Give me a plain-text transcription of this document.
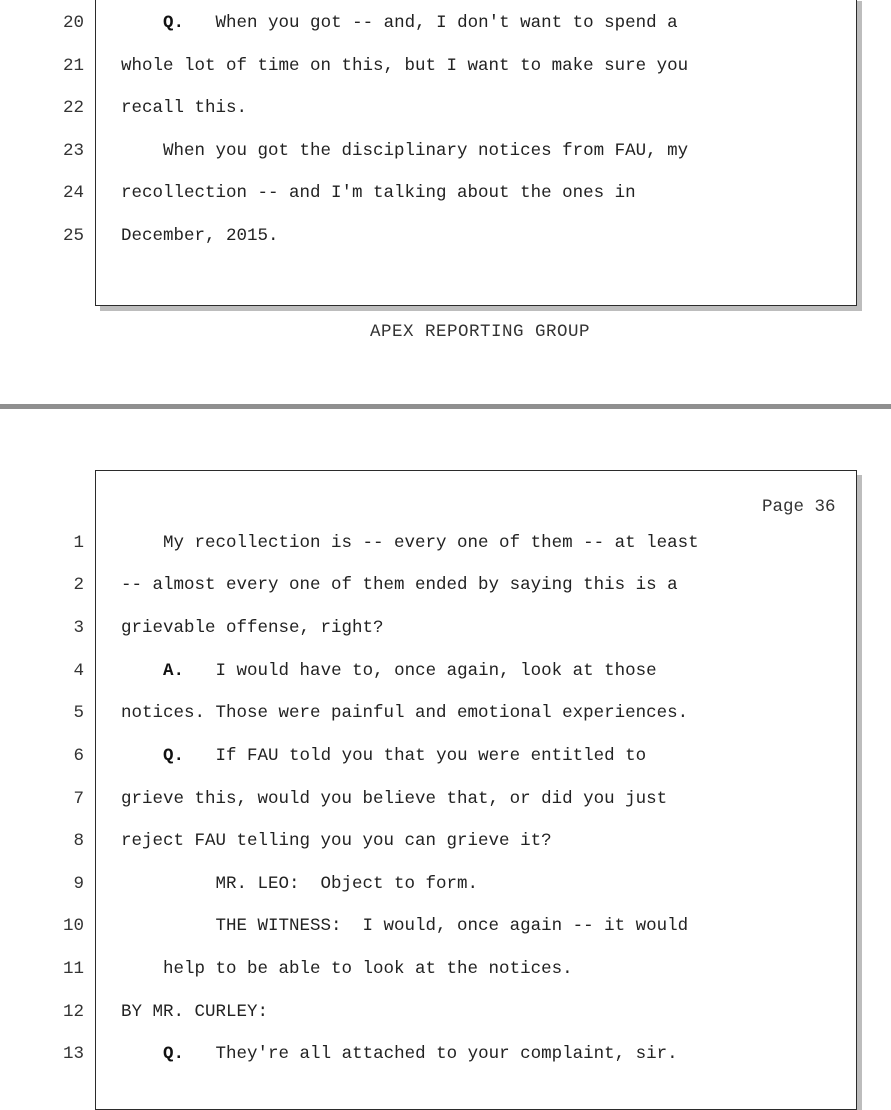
20	Q. When you got -- and, I don't want to spend a
21 whole lot of time on this, but I want to make sure you
22 recall this.
23 When you got the disciplinary notices from FAU, my
24 recollection -- and I'm talking about the ones in
25 December, 2015.
APEX REPORTING GROUP
Page 36
1 My recollection is -- every one of them -- at least
2 -- almost every one of them ended by saying this is a
3 grievable offense, right?
4	A. I would have to, once again, look at those
5 notices. Those were painful and emotional experiences.
6	Q. If FAU told you that you were entitled to
7 grieve this, would you believe that, or did you just
8 reject FAU telling you you can grieve it?
9 MR. LEO:  Object to form.
10 THE WITNESS:  I would, once again -- it would
11 help to be able to look at the notices.
12 BY MR. CURLEY:
13	Q. They're all attached to your complaint, sir.
